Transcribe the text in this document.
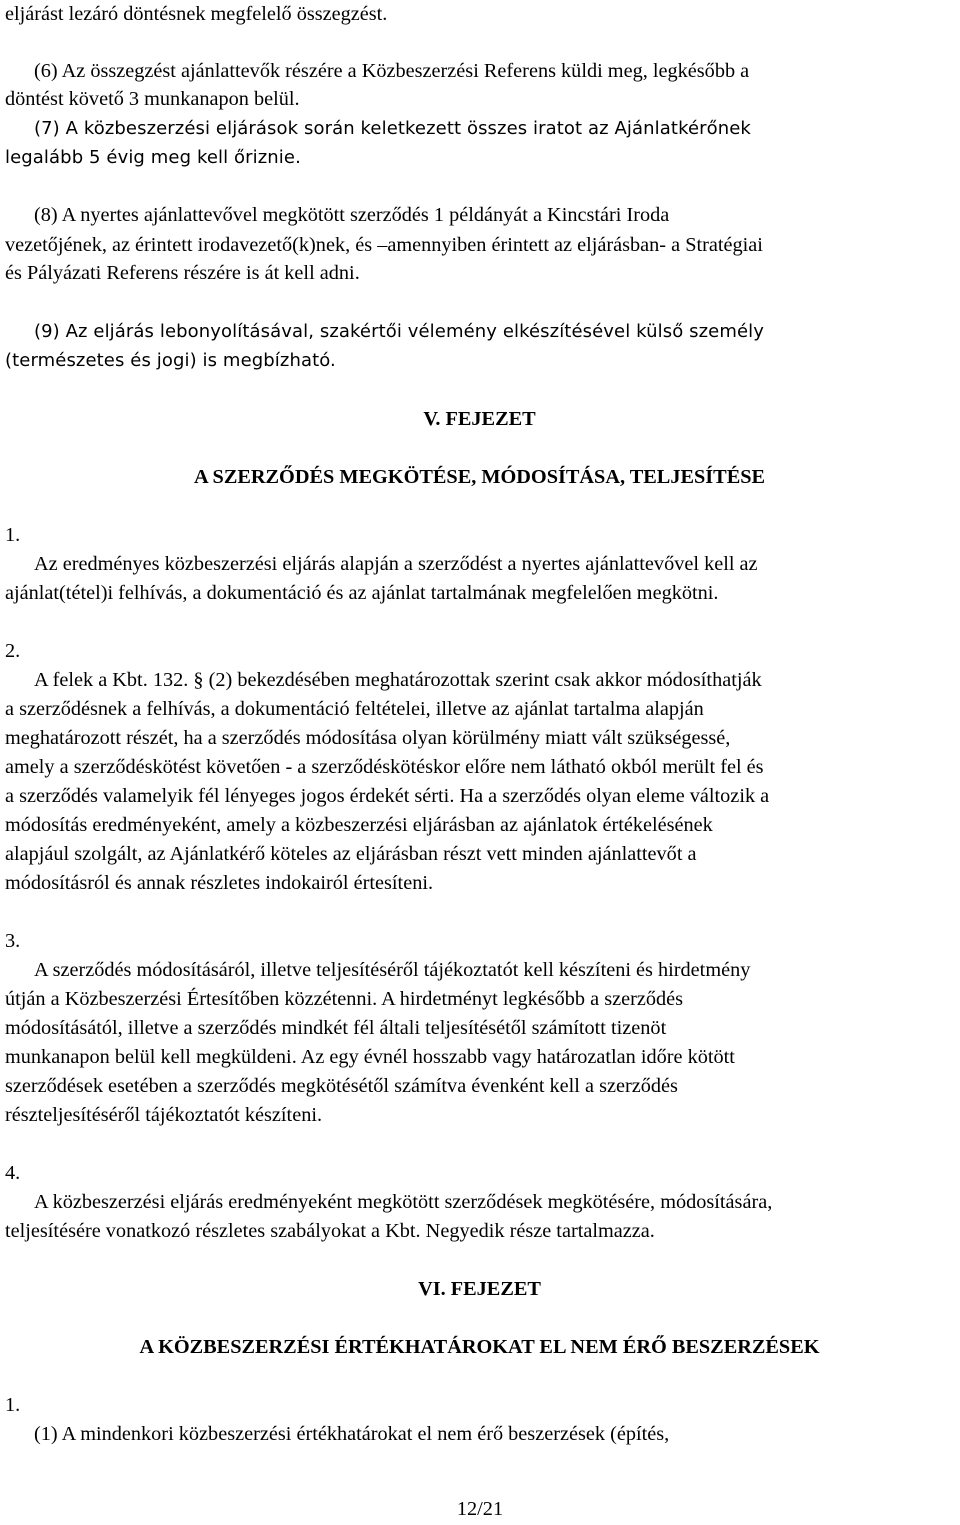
eljárást lezáró döntésnek megfelelő összegzést.
(6) Az összegzést ajánlattevők részére a Közbeszerzési Referens küldi meg, legkésőbb a
döntést követő 3 munkanapon belül.
(7) A közbeszerzési eljárások során keletkezett összes iratot az Ajánlatkérőnek
legalább 5 évig meg kell őriznie.
(8) A nyertes ajánlattevővel megkötött szerződés 1 példányát a Kincstári Iroda
vezetőjének, az érintett irodavezető(k)nek, és –amennyiben érintett az eljárásban- a Stratégiai
és Pályázati Referens részére is át kell adni.
(9) Az eljárás lebonyolításával, szakértői vélemény elkészítésével külső személy
(természetes és jogi) is megbízható.
V. FEJEZET
A SZERZŐDÉS MEGKÖTÉSE, MÓDOSÍTÁSA, TELJESÍTÉSE
1.
Az eredményes közbeszerzési eljárás alapján a szerződést a nyertes ajánlattevővel kell az
ajánlat(tétel)i felhívás, a dokumentáció és az ajánlat tartalmának megfelelően megkötni.
2.
A felek a Kbt. 132. § (2) bekezdésében meghatározottak szerint csak akkor módosíthatják
a szerződésnek a felhívás, a dokumentáció feltételei, illetve az ajánlat tartalma alapján
meghatározott részét, ha a szerződés módosítása olyan körülmény miatt vált szükségessé,
amely a szerződéskötést követően - a szerződéskötéskor előre nem látható okból merült fel és
a szerződés valamelyik fél lényeges jogos érdekét sérti. Ha a szerződés olyan eleme változik a
módosítás eredményeként, amely a közbeszerzési eljárásban az ajánlatok értékelésének
alapjául szolgált, az Ajánlatkérő köteles az eljárásban részt vett minden ajánlattevőt a
módosításról és annak részletes indokairól értesíteni.
3.
A szerződés módosításáról, illetve teljesítéséről tájékoztatót kell készíteni és hirdetmény
útján a Közbeszerzési Értesítőben közzétenni. A hirdetményt legkésőbb a szerződés
módosításától, illetve a szerződés mindkét fél általi teljesítésétől számított tizenöt
munkanapon belül kell megküldeni. Az egy évnél hosszabb vagy határozatlan időre kötött
szerződések esetében a szerződés megkötésétől számítva évenként kell a szerződés
részteljesítéséről tájékoztatót készíteni.
4.
A közbeszerzési eljárás eredményeként megkötött szerződések megkötésére, módosítására,
teljesítésére vonatkozó részletes szabályokat a Kbt. Negyedik része tartalmazza.
VI. FEJEZET
A KÖZBESZERZÉSI ÉRTÉKHATÁROKAT EL NEM ÉRŐ BESZERZÉSEK
1.
(1) A mindenkori közbeszerzési értékhatárokat el nem érő beszerzések (építés,
12/21
